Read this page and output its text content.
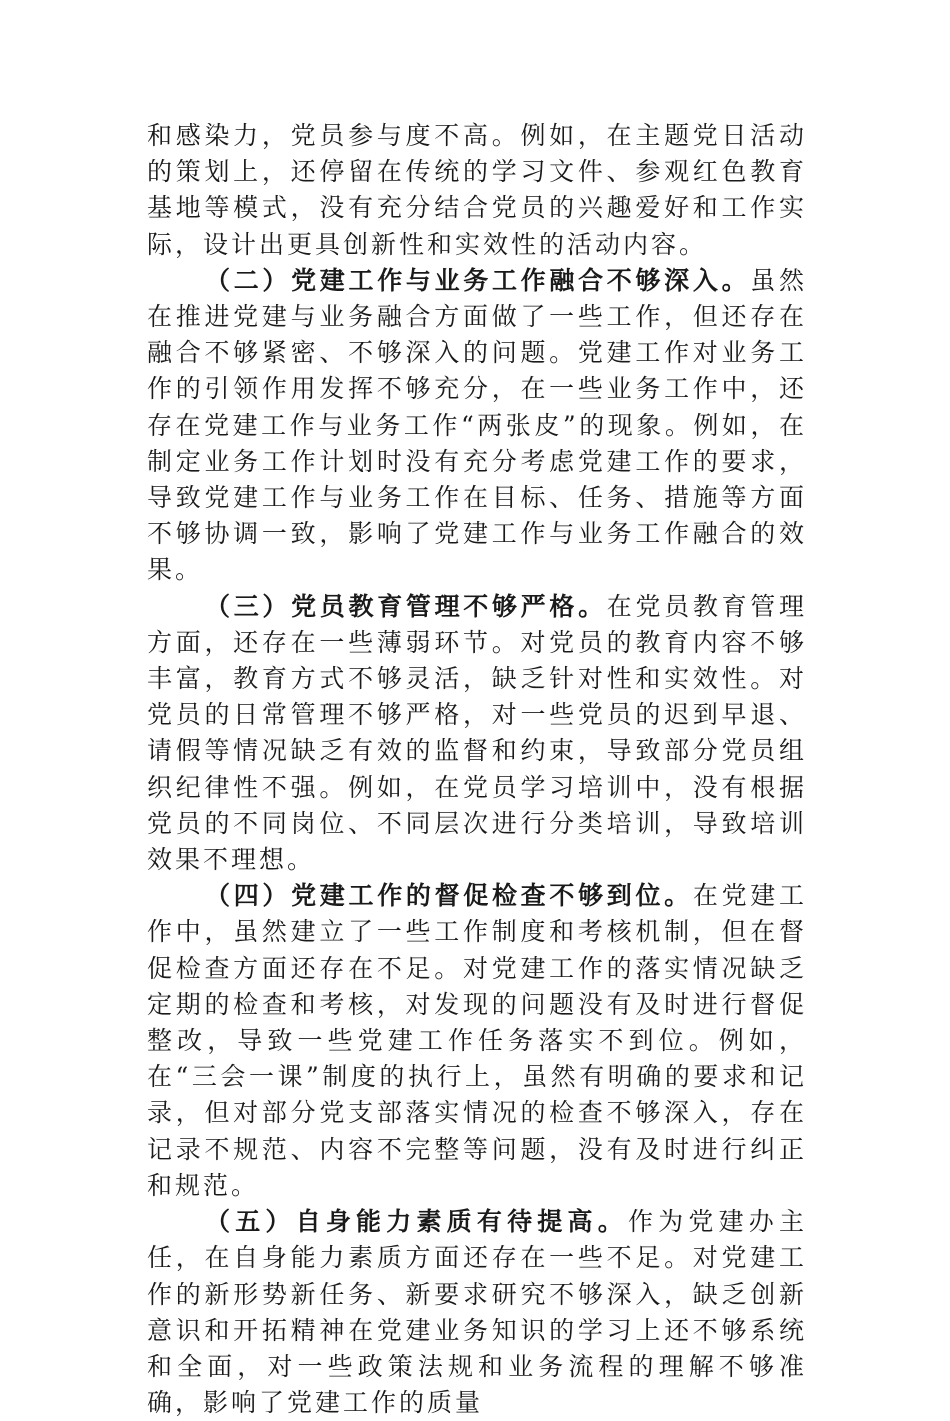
和感染力，党员参与度不高。例如，在主题党日活动的策划上，还停留在传统的学习文件、参观红色教育基地等模式，没有充分结合党员的兴趣爱好和工作实际，设计出更具创新性和实效性的活动内容。

（二）党建工作与业务工作融合不够深入。虽然在推进党建与业务融合方面做了一些工作，但还存在融合不够紧密、不够深入的问题。党建工作对业务工作的引领作用发挥不够充分，在一些业务工作中，还存在党建工作与业务工作“两张皮”的现象。例如，在制定业务工作计划时没有充分考虑党建工作的要求，导致党建工作与业务工作在目标、任务、措施等方面不够协调一致，影响了党建工作与业务工作融合的效果。

（三）党员教育管理不够严格。在党员教育管理方面，还存在一些薄弱环节。对党员的教育内容不够丰富，教育方式不够灵活，缺乏针对性和实效性。对党员的日常管理不够严格，对一些党员的迟到早退、请假等情况缺乏有效的监督和约束，导致部分党员组织纪律性不强。例如，在党员学习培训中，没有根据党员的不同岗位、不同层次进行分类培训，导致培训效果不理想。

（四）党建工作的督促检查不够到位。在党建工作中，虽然建立了一些工作制度和考核机制，但在督促检查方面还存在不足。对党建工作的落实情况缺乏定期的检查和考核，对发现的问题没有及时进行督促整改，导致一些党建工作任务落实不到位。例如，在“三会一课”制度的执行上，虽然有明确的要求和记录，但对部分党支部落实情况的检查不够深入，存在记录不规范、内容不完整等问题，没有及时进行纠正和规范。

（五）自身能力素质有待提高。作为党建办主任，在自身能力素质方面还存在一些不足。对党建工作的新形势新任务、新要求研究不够深入，缺乏创新意识和开拓精神在党建业务知识的学习上还不够系统和全面，对一些政策法规和业务流程的理解不够准确，影响了党建工作的质量
